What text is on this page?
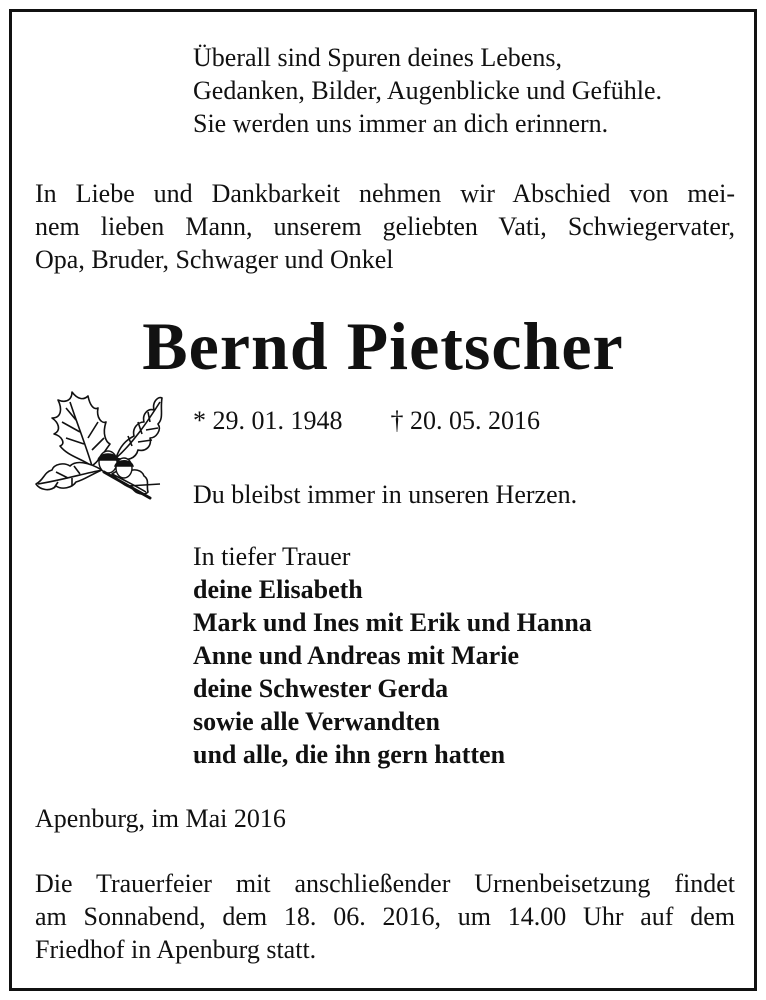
Überall sind Spuren deines Lebens,
Gedanken, Bilder, Augenblicke und Gefühle.
Sie werden uns immer an dich erinnern.
In Liebe und Dankbarkeit nehmen wir Abschied von mei-
nem lieben Mann, unserem geliebten Vati, Schwiegervater,
Opa, Bruder, Schwager und Onkel
Bernd Pietscher
* 29. 01. 1948 † 20. 05. 2016
Du bleibst immer in unseren Herzen.
In tiefer Trauer
deine Elisabeth
Mark und Ines mit Erik und Hanna
Anne und Andreas mit Marie
deine Schwester Gerda
sowie alle Verwandten
und alle, die ihn gern hatten
Apenburg, im Mai 2016
Die Trauerfeier mit anschließender Urnenbeisetzung findet
am Sonnabend, dem 18. 06. 2016, um 14.00 Uhr auf dem
Friedhof in Apenburg statt.
